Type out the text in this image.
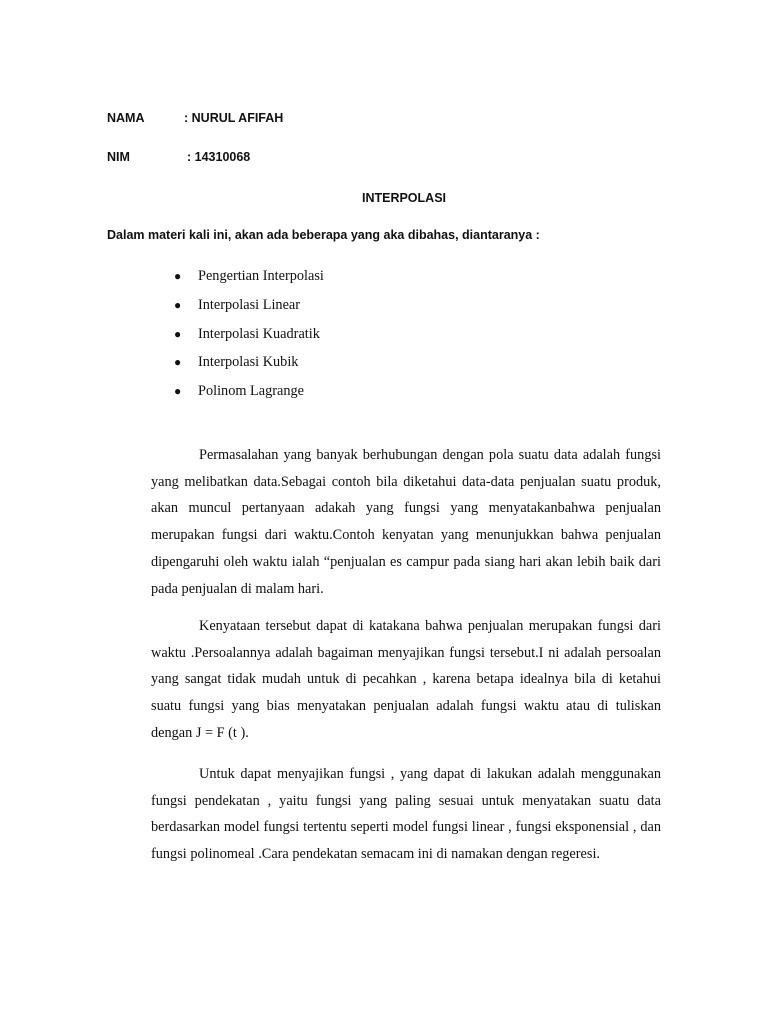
NAMA	: NURUL AFIFAH
NIM	: 14310068
INTERPOLASI
Dalam materi kali ini, akan ada beberapa yang aka dibahas, diantaranya :
● Pengertian Interpolasi
● Interpolasi Linear
● Interpolasi Kuadratik
● Interpolasi Kubik
● Polinom Lagrange

Permasalahan yang banyak berhubungan dengan pola suatu data adalah fungsi yang melibatkan data.Sebagai contoh bila diketahui data-data penjualan suatu produk, akan muncul pertanyaan adakah yang fungsi yang menyatakanbahwa penjualan merupakan fungsi dari waktu.Contoh kenyatan yang menunjukkan bahwa penjualan dipengaruhi oleh waktu ialah “penjualan es campur pada siang hari akan lebih baik dari pada penjualan di malam hari.

Kenyataan tersebut dapat di katakana bahwa penjualan merupakan fungsi dari waktu .Persoalannya adalah bagaiman menyajikan fungsi tersebut.I ni adalah persoalan yang sangat tidak mudah untuk di pecahkan , karena betapa idealnya bila di ketahui suatu fungsi yang bias menyatakan penjualan adalah fungsi waktu atau di tuliskan dengan J = F (t ).

Untuk dapat menyajikan fungsi , yang dapat di lakukan adalah menggunakan fungsi pendekatan , yaitu fungsi yang paling sesuai untuk menyatakan suatu data berdasarkan model fungsi tertentu seperti model fungsi linear , fungsi eksponensial , dan fungsi polinomeal .Cara pendekatan semacam ini di namakan dengan regeresi.
